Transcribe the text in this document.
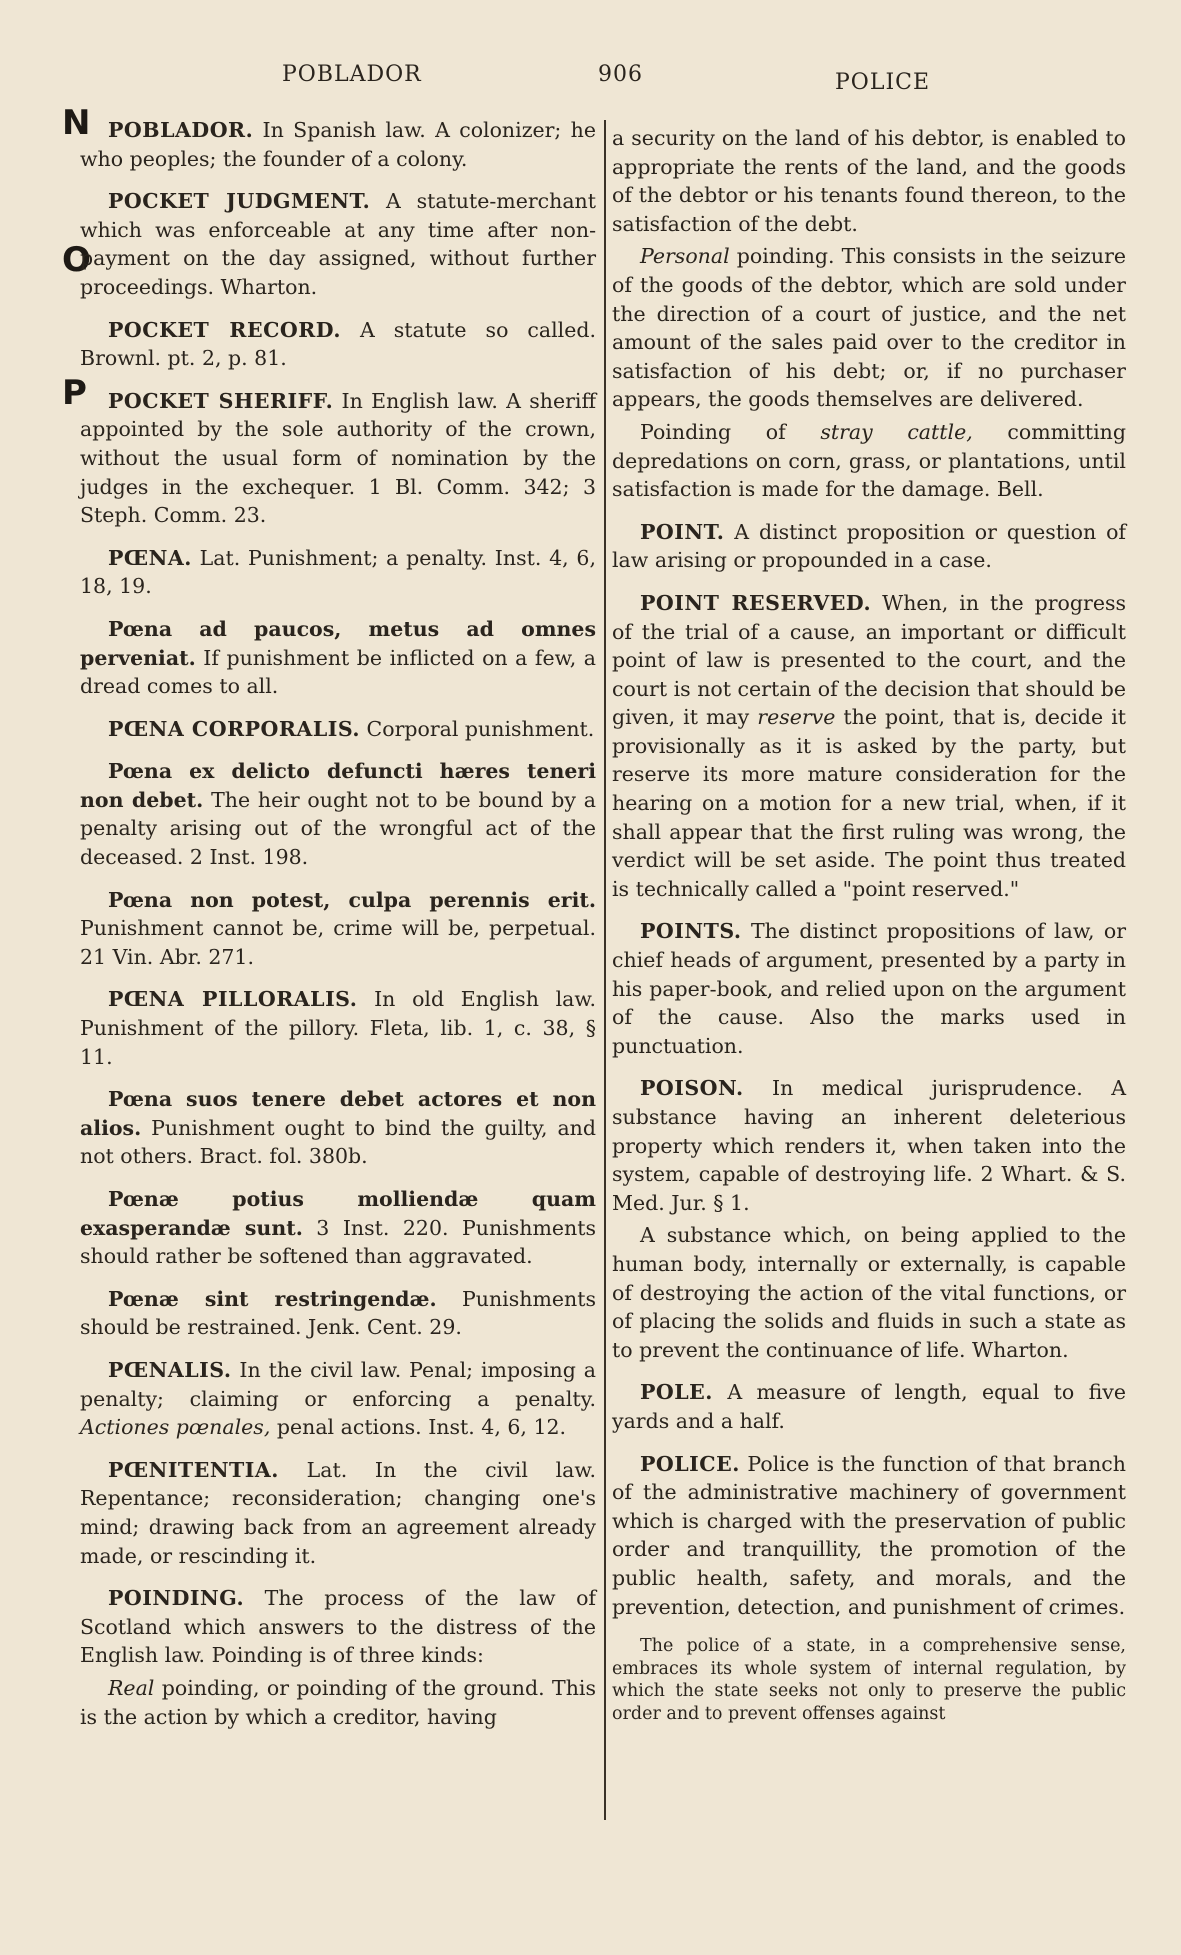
POBLADOR	906	POLICE
N
O
P

POBLADOR. In Spanish law. A colonizer; he who peoples; the founder of a colony.

POCKET JUDGMENT. A statute-merchant which was enforceable at any time after non-payment on the day assigned, without further proceedings. Wharton.

POCKET RECORD. A statute so called. Brownl. pt. 2, p. 81.

POCKET SHERIFF. In English law. A sheriff appointed by the sole authority of the crown, without the usual form of nomination by the judges in the exchequer. 1 Bl. Comm. 342; 3 Steph. Comm. 23.

PŒNA. Lat. Punishment; a penalty. Inst. 4, 6, 18, 19.

Pœna ad paucos, metus ad omnes perveniat. If punishment be inflicted on a few, a dread comes to all.

PŒNA CORPORALIS. Corporal punishment.

Pœna ex delicto defuncti hæres teneri non debet. The heir ought not to be bound by a penalty arising out of the wrongful act of the deceased. 2 Inst. 198.

Pœna non potest, culpa perennis erit. Punishment cannot be, crime will be, perpetual. 21 Vin. Abr. 271.

PŒNA PILLORALIS. In old English law. Punishment of the pillory. Fleta, lib. 1, c. 38, § 11.

Pœna suos tenere debet actores et non alios. Punishment ought to bind the guilty, and not others. Bract. fol. 380b.

Pœnæ potius molliendæ quam exasperandæ sunt. 3 Inst. 220. Punishments should rather be softened than aggravated.

Pœnæ sint restringendæ. Punishments should be restrained. Jenk. Cent. 29.

PŒNALIS. In the civil law. Penal; imposing a penalty; claiming or enforcing a penalty. Actiones pœnales, penal actions. Inst. 4, 6, 12.

PŒNITENTIA. Lat. In the civil law. Repentance; reconsideration; changing one's mind; drawing back from an agreement already made, or rescinding it.

POINDING. The process of the law of Scotland which answers to the distress of the English law. Poinding is of three kinds:

Real poinding, or poinding of the ground. This is the action by which a creditor, having

a security on the land of his debtor, is enabled to appropriate the rents of the land, and the goods of the debtor or his tenants found thereon, to the satisfaction of the debt.

Personal poinding. This consists in the seizure of the goods of the debtor, which are sold under the direction of a court of justice, and the net amount of the sales paid over to the creditor in satisfaction of his debt; or, if no purchaser appears, the goods themselves are delivered.

Poinding of stray cattle, committing depredations on corn, grass, or plantations, until satisfaction is made for the damage. Bell.

POINT. A distinct proposition or question of law arising or propounded in a case.

POINT RESERVED. When, in the progress of the trial of a cause, an important or difficult point of law is presented to the court, and the court is not certain of the decision that should be given, it may reserve the point, that is, decide it provisionally as it is asked by the party, but reserve its more mature consideration for the hearing on a motion for a new trial, when, if it shall appear that the first ruling was wrong, the verdict will be set aside. The point thus treated is technically called a "point reserved."

POINTS. The distinct propositions of law, or chief heads of argument, presented by a party in his paper-book, and relied upon on the argument of the cause. Also the marks used in punctuation.

POISON. In medical jurisprudence. A substance having an inherent deleterious property which renders it, when taken into the system, capable of destroying life. 2 Whart. & S. Med. Jur. § 1.

A substance which, on being applied to the human body, internally or externally, is capable of destroying the action of the vital functions, or of placing the solids and fluids in such a state as to prevent the continuance of life. Wharton.

POLE. A measure of length, equal to five yards and a half.

POLICE. Police is the function of that branch of the administrative machinery of government which is charged with the preservation of public order and tranquillity, the promotion of the public health, safety, and morals, and the prevention, detection, and punishment of crimes.

The police of a state, in a comprehensive sense, embraces its whole system of internal regulation, by which the state seeks not only to preserve the public order and to prevent offenses against
